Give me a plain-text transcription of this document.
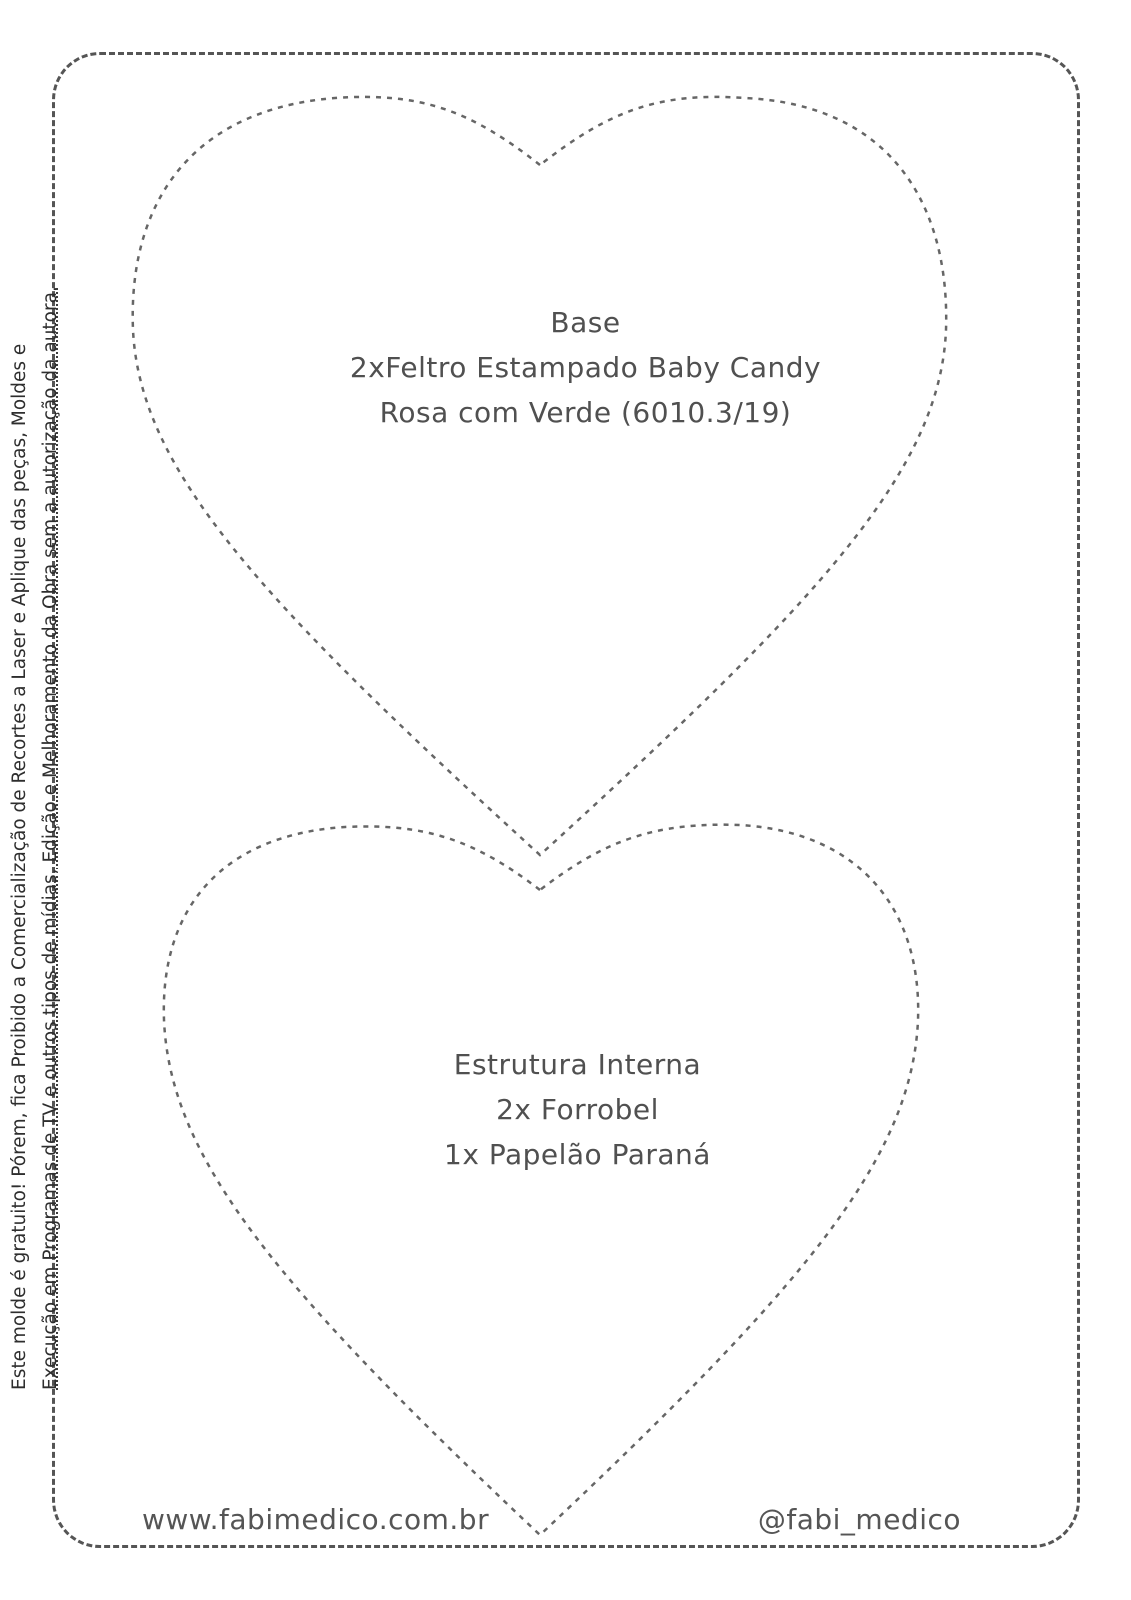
Base
2xFeltro Estampado Baby Candy
Rosa com Verde (6010.3/19)
Estrutura Interna
2x Forrobel
1x Papelão Paraná
Este molde é gratuito! Pórem, fica Proibido a Comercialização de Recortes a Laser e Aplique das peças, Moldes e Execução em Programas de TV e outros tipos de mídias, Edição e Melhoramento da Obra sem a autorização da autora.
www.fabimedico.com.br	@fabi_medico
